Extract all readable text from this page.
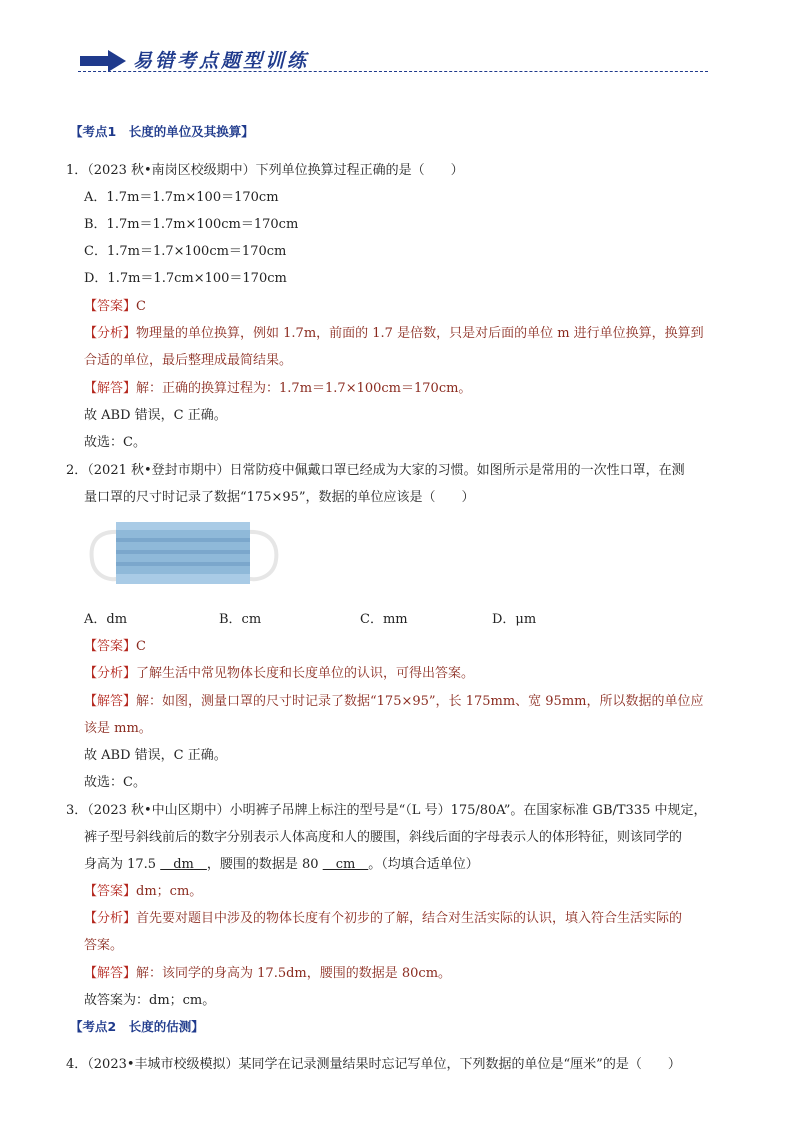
易错考点题型训练
【考点1　长度的单位及其换算】
1．（2023 秋•南岗区校级期中）下列单位换算过程正确的是（　　）
A．1.7m＝1.7m×100＝170cm
B．1.7m＝1.7m×100cm＝170cm
C．1.7m＝1.7×100cm＝170cm
D．1.7m＝1.7cm×100＝170cm
【答案】C
【分析】物理量的单位换算，例如 1.7m，前面的 1.7 是倍数，只是对后面的单位 m 进行单位换算，换算到
合适的单位，最后整理成最简结果。
【解答】解：正确的换算过程为：1.7m＝1.7×100cm＝170cm。
故 ABD 错误，C 正确。
故选：C。
2．（2021 秋•登封市期中）日常防疫中佩戴口罩已经成为大家的习惯。如图所示是常用的一次性口罩，在测
量口罩的尺寸时记录了数据“175×95”，数据的单位应该是（　　）
A．dm	B．cm	C．mm	D．μm
【答案】C
【分析】了解生活中常见物体长度和长度单位的认识，可得出答案。
【解答】解：如图，测量口罩的尺寸时记录了数据“175×95”，长 175mm、宽 95mm，所以数据的单位应
该是 mm。
故 ABD 错误，C 正确。
故选：C。
3．（2023 秋•中山区期中）小明裤子吊牌上标注的型号是“（L 号）175/80A”。在国家标准 GB/T335 中规定，
裤子型号斜线前后的数字分别表示人体高度和人的腰围，斜线后面的字母表示人的体形特征，则该同学的
身高为 17.5 　dm　，腰围的数据是 80 　cm　。（均填合适单位）
【答案】dm；cm。
【分析】首先要对题目中涉及的物体长度有个初步的了解，结合对生活实际的认识，填入符合生活实际的
答案。
【解答】解：该同学的身高为 17.5dm，腰围的数据是 80cm。
故答案为：dm；cm。
【考点2　长度的估测】
4．（2023•丰城市校级模拟）某同学在记录测量结果时忘记写单位，下列数据的单位是“厘米”的是（　　）
